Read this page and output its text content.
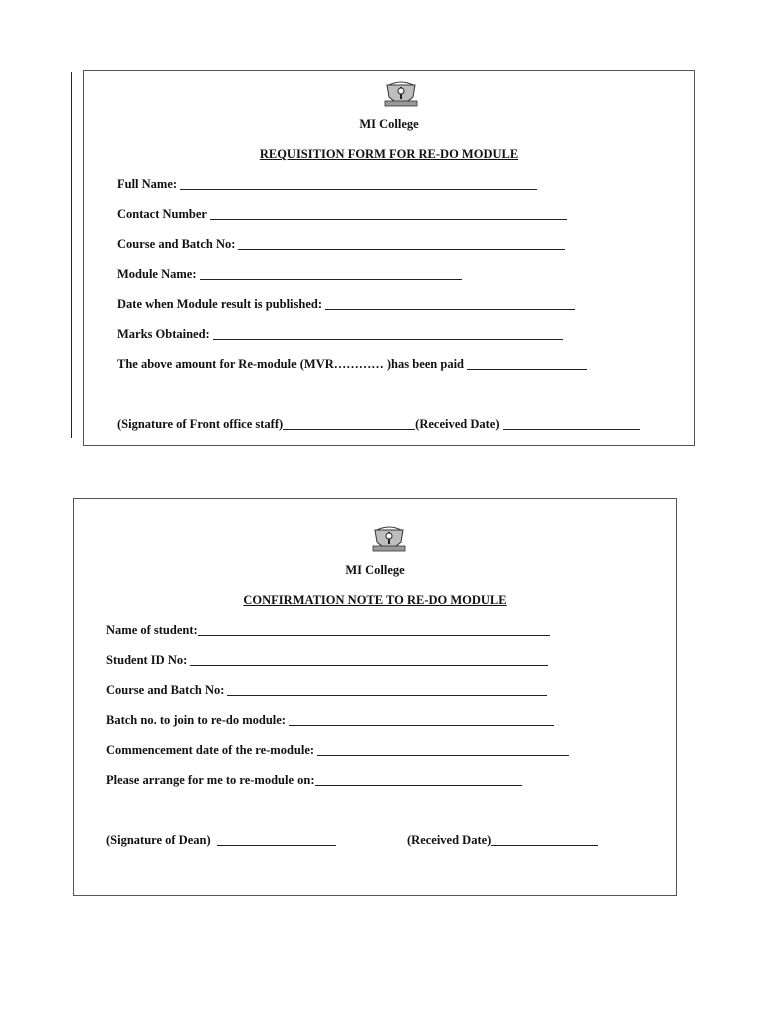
MI College
REQUISITION FORM FOR RE-DO MODULE
Full Name:
Contact Number
Course and Batch No:
Module Name:
Date when Module result is published:
Marks Obtained:
The above amount for Re-module (MVR………… )has been paid
(Signature of Front office staff)	(Received Date)
MI College
CONFIRMATION NOTE TO RE-DO MODULE
Name of student:
Student ID No:
Course and Batch No:
Batch no. to join to re-do module:
Commencement date of the re-module:
Please arrange for me to re-module on:
(Signature of Dean)	(Received Date)
